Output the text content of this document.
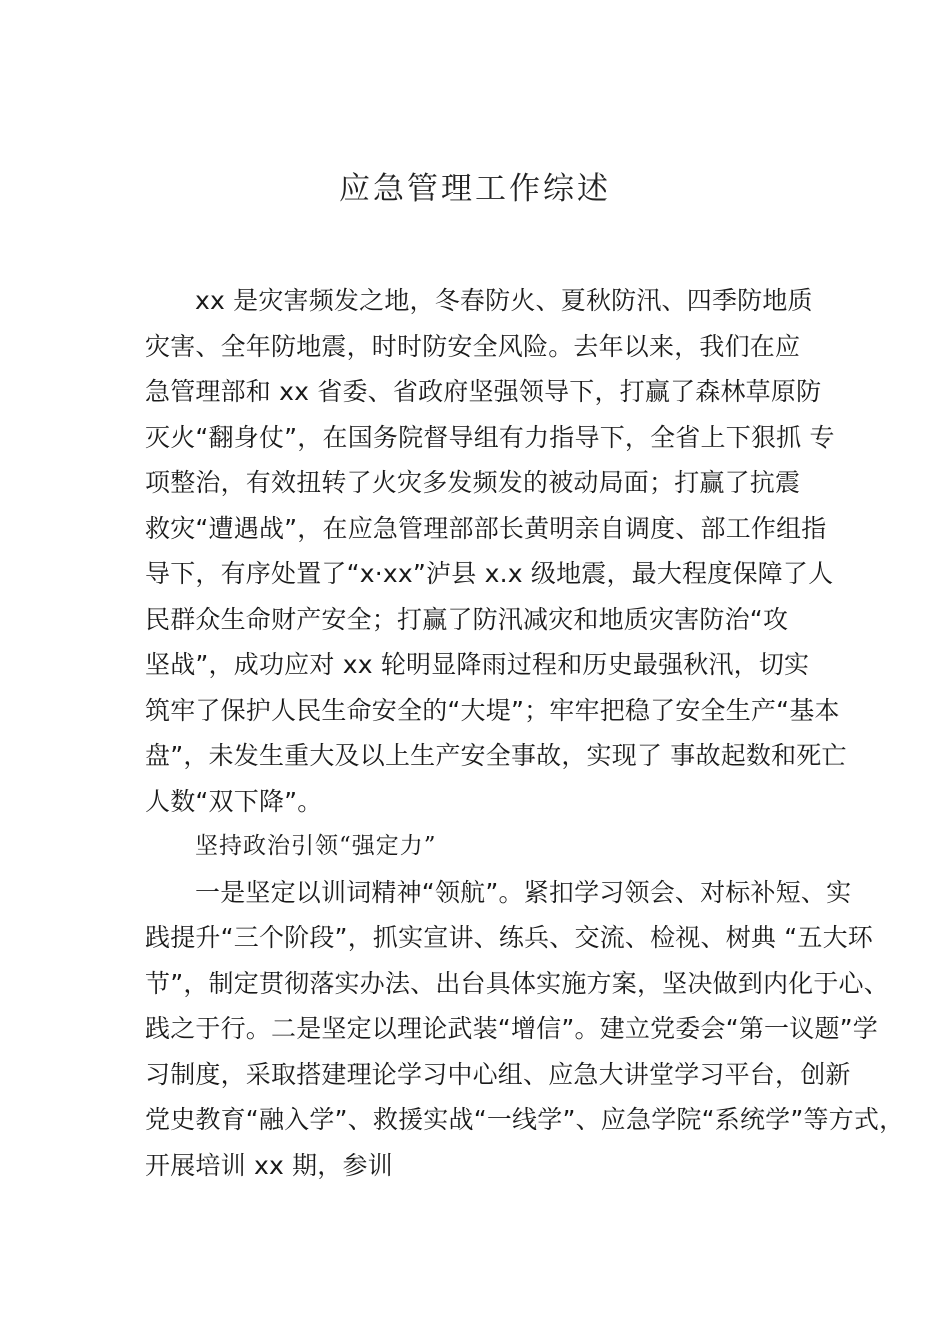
应急管理工作综述
xx 是灾害频发之地，冬春防火、夏秋防汛、四季防地质
灾害、全年防地震，时时防安全风险。去年以来，我们在应
急管理部和 xx 省委、省政府坚强领导下，打赢了森林草原防
灭火“翻身仗”，在国务院督导组有力指导下，全省上下狠抓 专
项整治，有效扭转了火灾多发频发的被动局面；打赢了抗震
救灾“遭遇战”，在应急管理部部长黄明亲自调度、部工作组指
导下，有序处置了“x·xx”泸县 x.x 级地震，最大程度保障了人
民群众生命财产安全；打赢了防汛减灾和地质灾害防治“攻
坚战”，成功应对 xx 轮明显降雨过程和历史最强秋汛，切实
筑牢了保护人民生命安全的“大堤”；牢牢把稳了安全生产“基本
盘”，未发生重大及以上生产安全事故，实现了 事故起数和死亡
人数“双下降”。
坚持政治引领“强定力”
一是坚定以训词精神“领航”。紧扣学习领会、对标补短、实
践提升“三个阶段”，抓实宣讲、练兵、交流、检视、树典 “五大环
节”，制定贯彻落实办法、出台具体实施方案，坚决做到内化于心、
践之于行。二是坚定以理论武装“增信”。建立党委会“第一议题”学
习制度，采取搭建理论学习中心组、应急大讲堂学习平台，创新
党史教育“融入学”、救援实战“一线学”、应急学院“系统学”等方式，
开展培训 xx 期，参训
